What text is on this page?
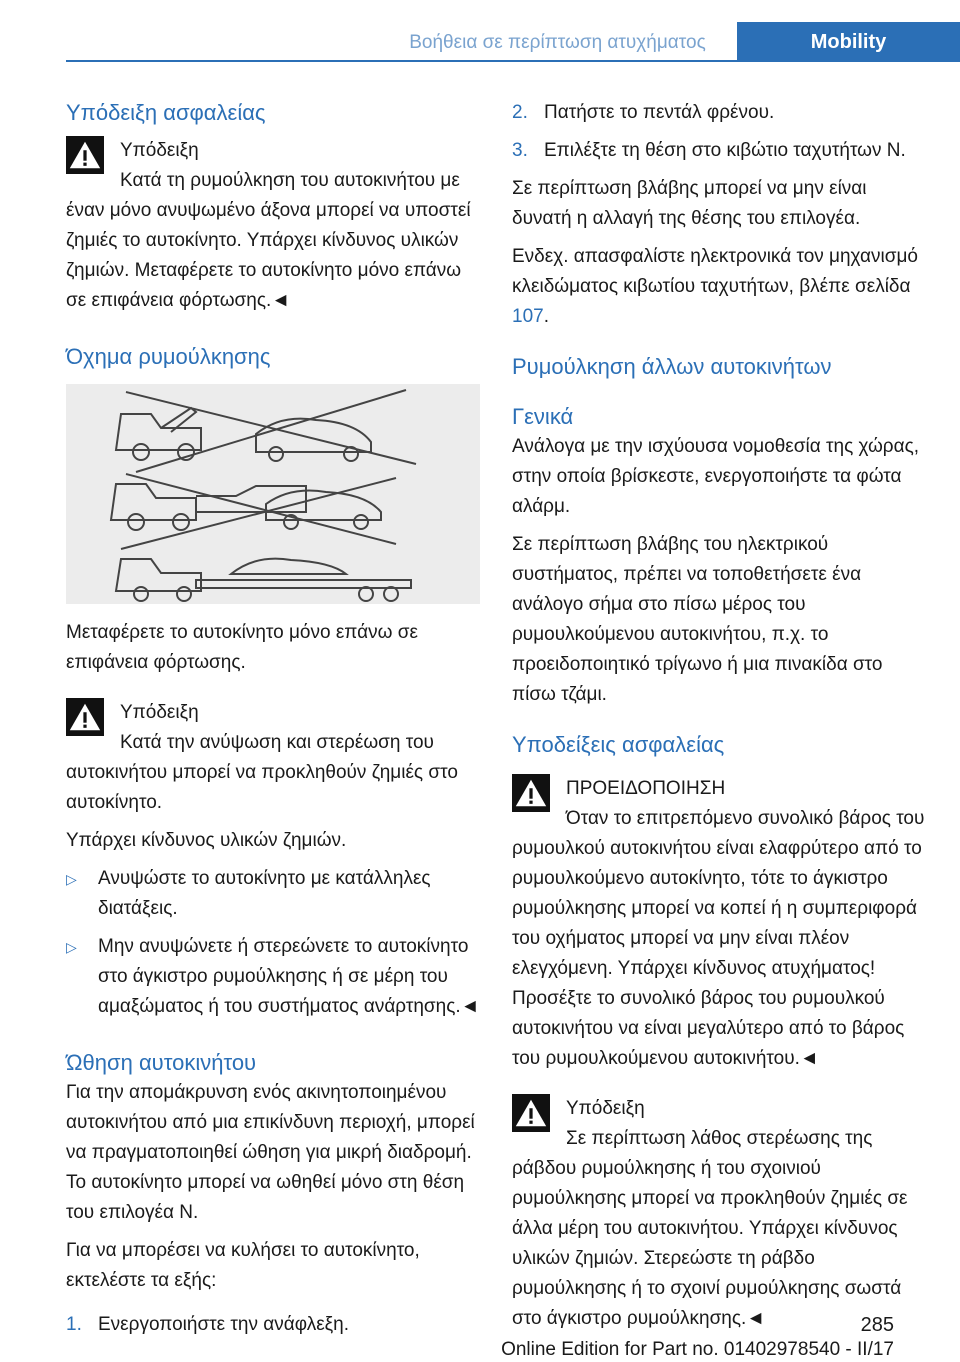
Βοήθεια σε περίπτωση ατυχήματος	Mobility
Υπόδειξη ασφαλείας
Υπόδειξη

Κατά τη ρυμούλκηση του αυτοκινήτου με έναν μόνο ανυψωμένο άξονα μπορεί να υποστεί ζημιές το αυτοκίνητο. Υπάρχει κίνδυνος υλικών ζημιών. Μεταφέρετε το αυτοκίνητο μόνο επάνω σε επιφάνεια φόρτωσης.◄

Όχημα ρυμούλκησης

Μεταφέρετε το αυτοκίνητο μόνο επάνω σε επιφάνεια φόρτωσης.

Υπόδειξη

Κατά την ανύψωση και στερέωση του αυτοκινήτου μπορεί να προκληθούν ζημιές στο αυτοκίνητο.

Υπάρχει κίνδυνος υλικών ζημιών.

▷ Ανυψώστε το αυτοκίνητο με κατάλληλες διατάξεις.
▷ Μην ανυψώνετε ή στερεώνετε το αυτοκίνητο στο άγκιστρο ρυμούλκησης ή σε μέρη του αμαξώματος ή του συστήματος ανάρτησης.◄
Ώθηση αυτοκινήτου

Για την απομάκρυνση ενός ακινητοποιημένου αυτοκινήτου από μια επικίνδυνη περιοχή, μπορεί να πραγματοποιηθεί ώθηση για μικρή διαδρομή. Το αυτοκίνητο μπορεί να ωθηθεί μόνο στη θέση του επιλογέα N.

Για να μπορέσει να κυλήσει το αυτοκίνητο, εκτελέστε τα εξής:

1. Ενεργοποιήστε την ανάφλεξη.
2. Πατήστε το πεντάλ φρένου.
3. Επιλέξτε τη θέση στο κιβώτιο ταχυτήτων N.

Σε περίπτωση βλάβης μπορεί να μην είναι δυνατή η αλλαγή της θέσης του επιλογέα.

Ενδεχ. απασφαλίστε ηλεκτρονικά τον μηχανισμό κλειδώματος κιβωτίου ταχυτήτων, βλέπε σελίδα 107.

Ρυμούλκηση άλλων αυτοκινήτων
Γενικά

Ανάλογα με την ισχύουσα νομοθεσία της χώρας, στην οποία βρίσκεστε, ενεργοποιήστε τα φώτα αλάρμ.

Σε περίπτωση βλάβης του ηλεκτρικού συστήματος, πρέπει να τοποθετήσετε ένα ανάλογο σήμα στο πίσω μέρος του ρυμουλκούμενου αυτοκινήτου, π.χ. το προειδοποιητικό τρίγωνο ή μια πινακίδα στο πίσω τζάμι.

Υποδείξεις ασφαλείας
ΠΡΟΕΙΔΟΠΟΙΗΣΗ

Όταν το επιτρεπόμενο συνολικό βάρος του ρυμουλκού αυτοκινήτου είναι ελαφρύτερο από το ρυμουλκούμενο αυτοκίνητο, τότε το άγκιστρο ρυμούλκησης μπορεί να κοπεί ή η συμπεριφορά του οχήματος μπορεί να μην είναι πλέον ελεγχόμενη. Υπάρχει κίνδυνος ατυχήματος! Προσέξτε το συνολικό βάρος του ρυμουλκού αυτοκινήτου να είναι μεγαλύτερο από το βάρος του ρυμουλκούμενου αυτοκινήτου.◄

Υπόδειξη

Σε περίπτωση λάθος στερέωσης της ράβδου ρυμούλκησης ή του σχοινιού ρυμούλκησης μπορεί να προκληθούν ζημιές σε άλλα μέρη του αυτοκινήτου. Υπάρχει κίνδυνος υλικών ζημιών. Στερεώστε τη ράβδο ρυμούλκησης ή το σχοινί ρυμούλκησης σωστά στο άγκιστρο ρυμούλκησης.◄	285
Online Edition for Part no. 01402978540 - II/17
